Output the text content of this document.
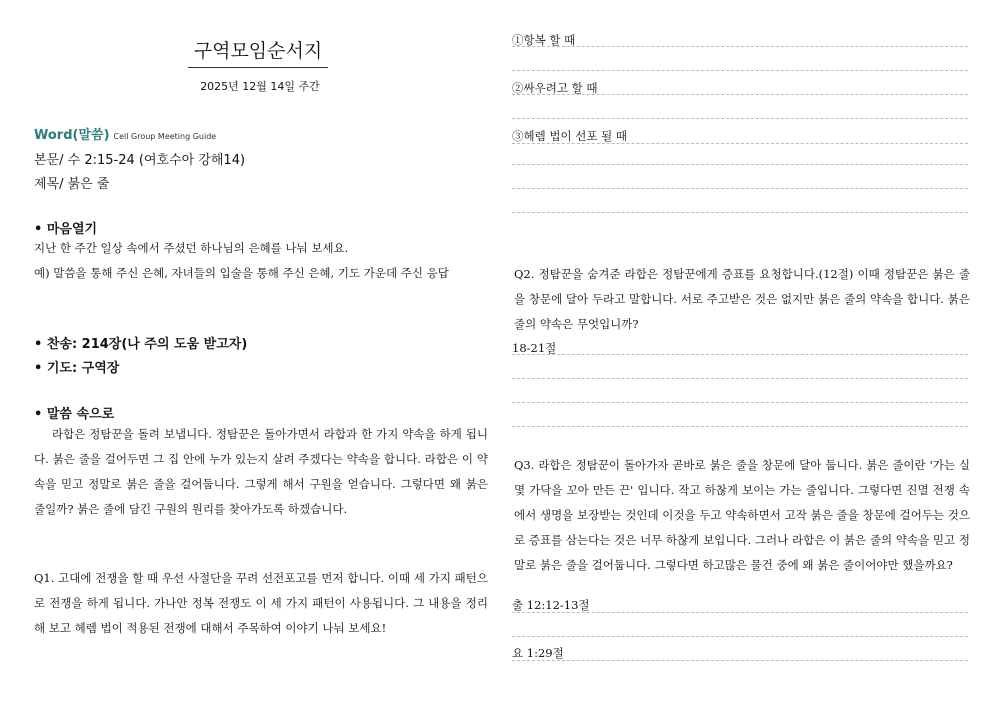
구역모임순서지
2025년 12월 14일 주간
Word(말씀) Cell Group Meeting Guide
본문/ 수 2:15-24 (여호수아 강해14)
제목/ 붉은 줄
• 마음열기
지난 한 주간 일상 속에서 주셨던 하나님의 은혜를 나눠 보세요.
예) 말씀을 통해 주신 은혜, 자녀들의 입술을 통해 주신 은혜, 기도 가운데 주신 응답
• 찬송: 214장(나 주의 도움 받고자)
• 기도: 구역장
• 말씀 속으로
라합은 정탐꾼을 돌려 보냅니다. 정탐꾼은 돌아가면서 라합과 한 가지 약속을 하게 됩니다. 붉은 줄을 걸어두면 그 집 안에 누가 있는지 살려 주겠다는 약속을 합니다. 라합은 이 약속을 믿고 정말로 붉은 줄을 걸어둡니다. 그렇게 해서 구원을 얻습니다. 그렇다면 왜 붉은 줄일까? 붉은 줄에 담긴 구원의 원리를 찾아가도록 하겠습니다.
Q1. 고대에 전쟁을 할 때 우선 사절단을 꾸려 선전포고를 먼저 합니다. 이때 세 가지 패턴으로 전쟁을 하게 됩니다. 가나안 정복 전쟁도 이 세 가지 패턴이 사용됩니다. 그 내용을 정리해 보고 헤렘 법이 적용된 전쟁에 대해서 주목하여 이야기 나눠 보세요!
①항복 할 때
②싸우려고 할 때
③헤렘 법이 선포 될 때
Q2. 정탐꾼을 숨겨준 라합은 정탐꾼에게 증표를 요청합니다.(12절) 이때 정탐꾼은 붉은 줄을 창문에 달아 두라고 말합니다. 서로 주고받은 것은 없지만 붉은 줄의 약속을 합니다. 붉은 줄의 약속은 무엇입니까?
18-21절
Q3. 라합은 정탐꾼이 돌아가자 곧바로 붉은 줄을 창문에 달아 둡니다. 붉은 줄이란 '가는 실 몇 가닥을 꼬아 만든 끈' 입니다. 작고 하찮게 보이는 가는 줄입니다. 그렇다면 진멸 전쟁 속에서 생명을 보장받는 것인데 이것을 두고 약속하면서 고작 붉은 줄을 창문에 걸어두는 것으로 증표를 삼는다는 것은 너무 하찮게 보입니다. 그러나 라합은 이 붉은 줄의 약속을 믿고 정말로 붉은 줄을 걸어둡니다. 그렇다면 하고많은 물건 중에 왜 붉은 줄이어야만 했을까요?
출 12:12-13절
요 1:29절
